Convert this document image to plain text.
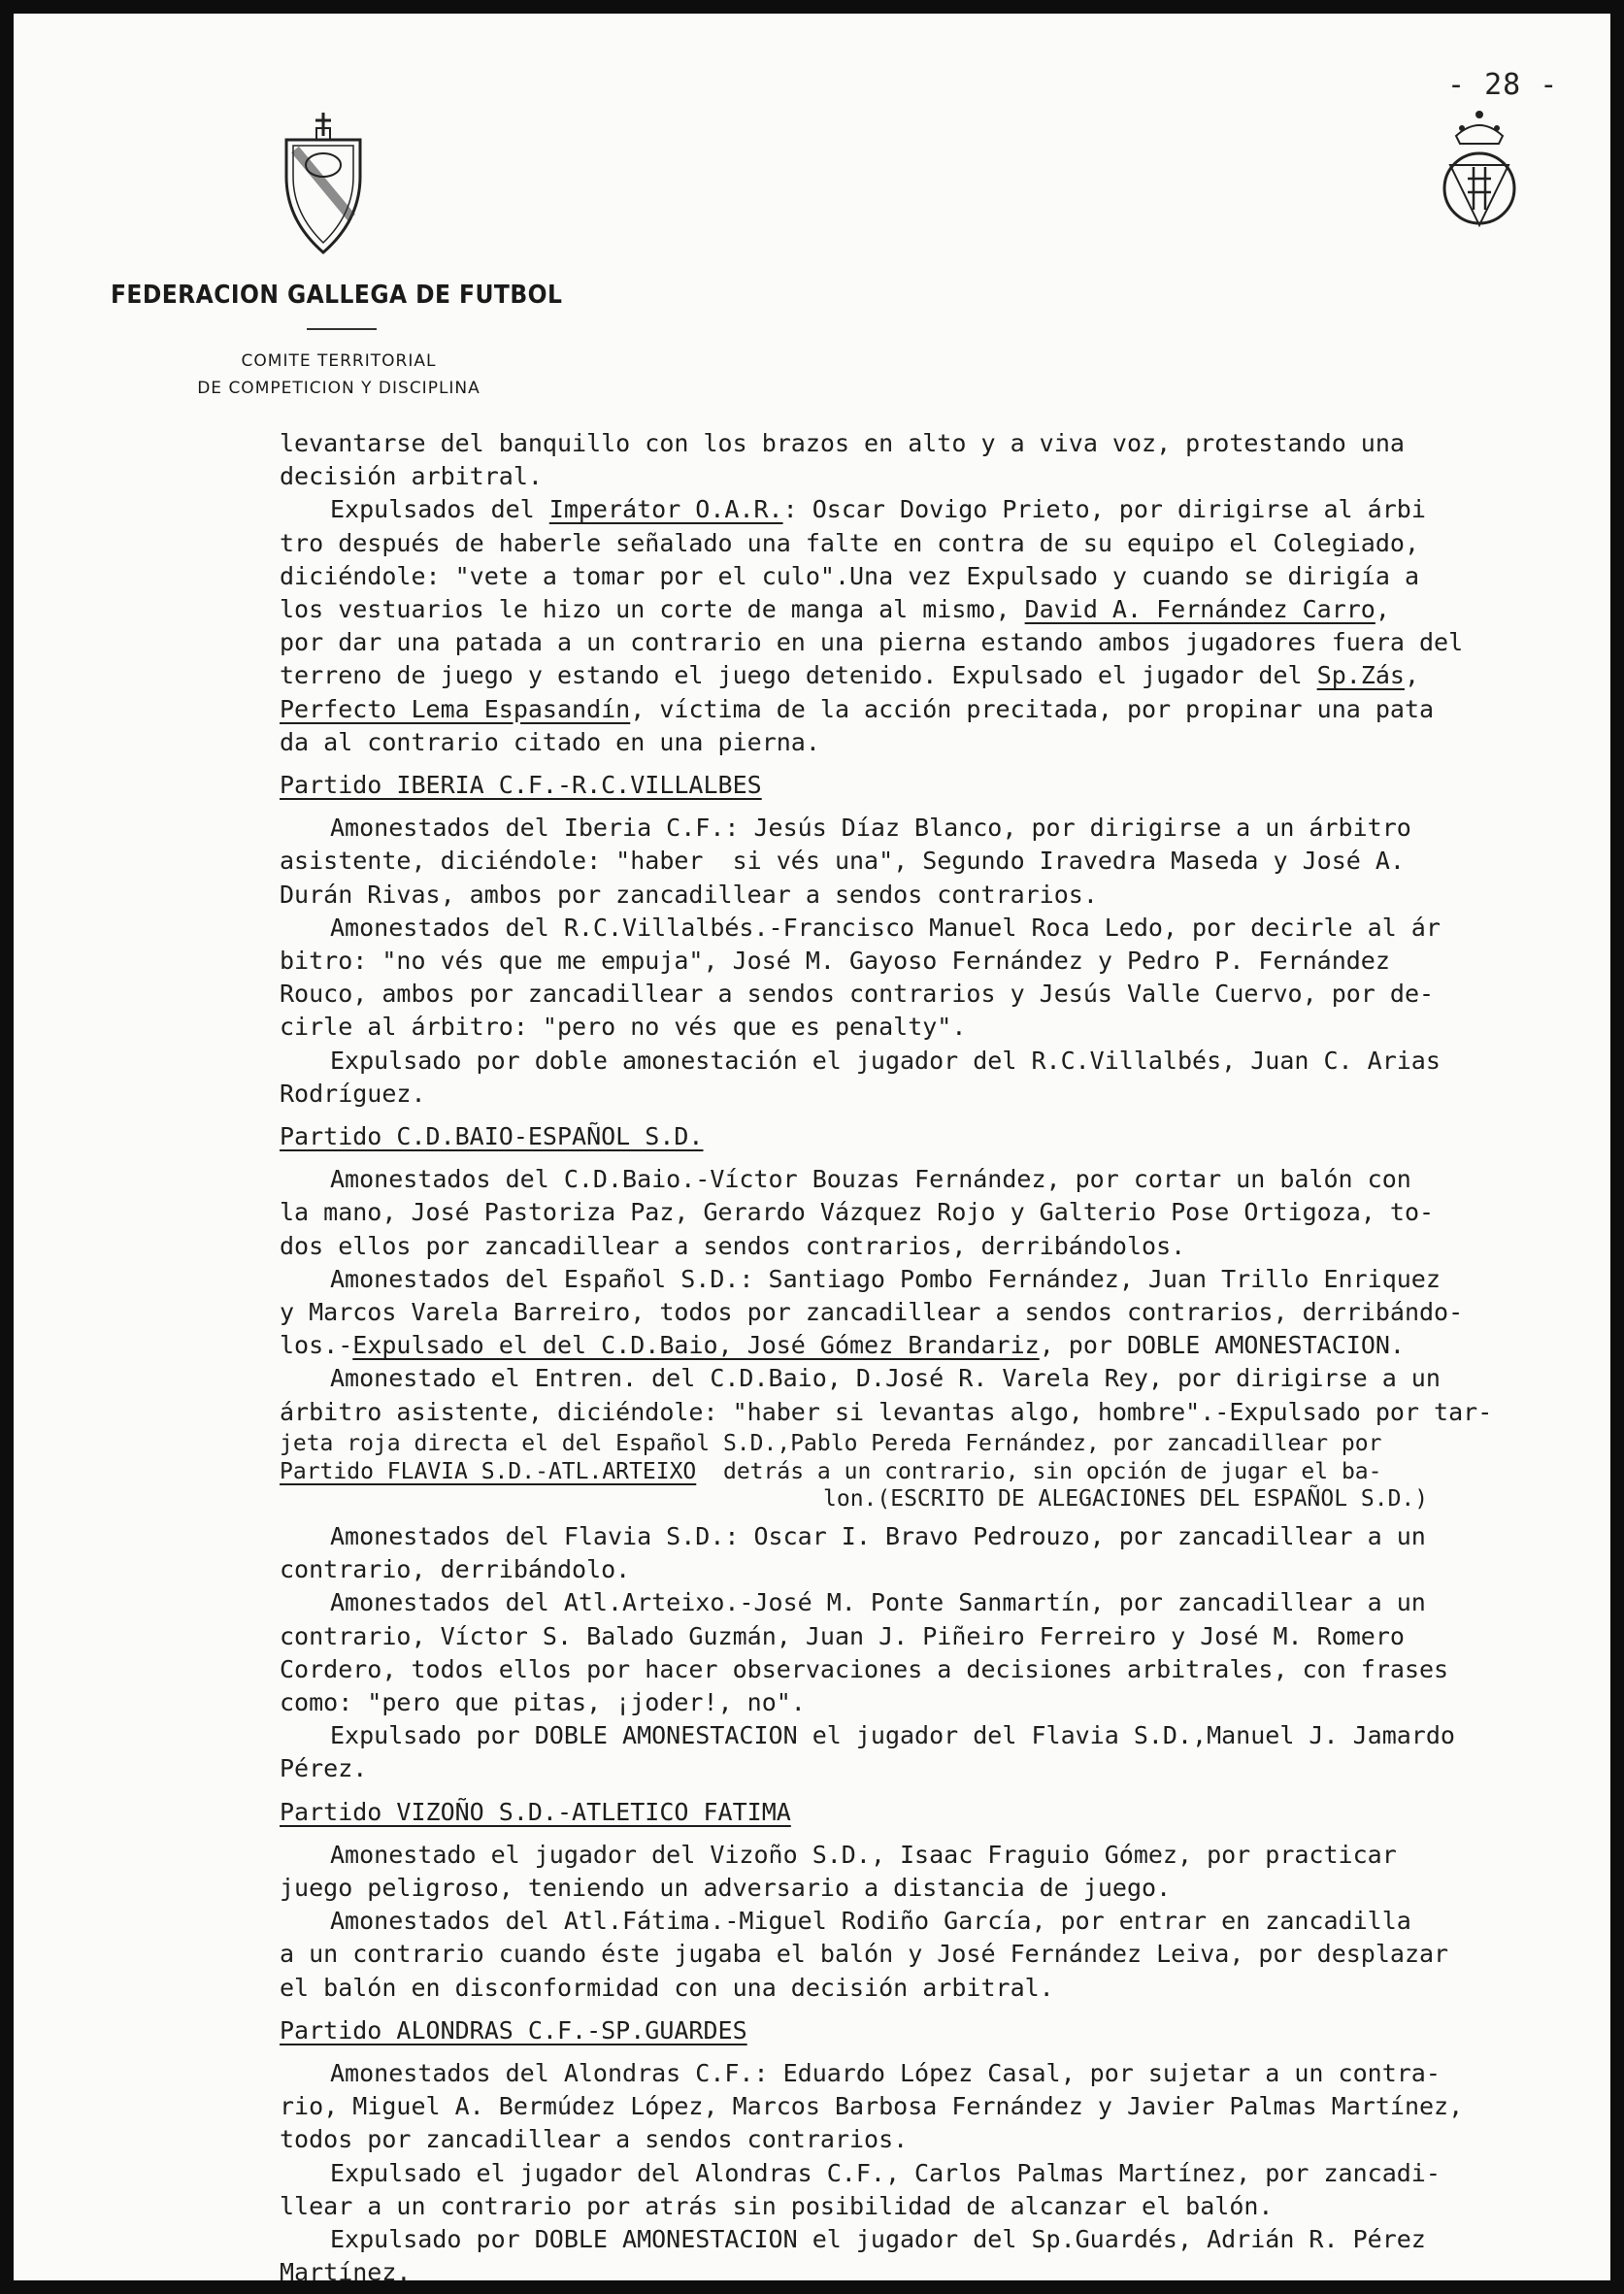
- 28 -
FEDERACION GALLEGA DE FUTBOL
COMITE TERRITORIAL
DE COMPETICION Y DISCIPLINA

levantarse del banquillo con los brazos en alto y a viva voz, protestando una

decisión arbitral.

Expulsados del Imperátor O.A.R.: Oscar Dovigo Prieto, por dirigirse al árbi

tro después de haberle señalado una falte en contra de su equipo el Colegiado,

diciéndole: "vete a tomar por el culo".Una vez Expulsado y cuando se dirigía a

los vestuarios le hizo un corte de manga al mismo, David A. Fernández Carro,

por dar una patada a un contrario en una pierna estando ambos jugadores fuera del

terreno de juego y estando el juego detenido. Expulsado el jugador del Sp.Zás,

Perfecto Lema Espasandín, víctima de la acción precitada, por propinar una pata

da al contrario citado en una pierna.

Partido IBERIA C.F.-R.C.VILLALBES

Amonestados del Iberia C.F.: Jesús Díaz Blanco, por dirigirse a un árbitro

asistente, diciéndole: "haber  si vés una", Segundo Iravedra Maseda y José A.

Durán Rivas, ambos por zancadillear a sendos contrarios.

Amonestados del R.C.Villalbés.-Francisco Manuel Roca Ledo, por decirle al ár

bitro: "no vés que me empuja", José M. Gayoso Fernández y Pedro P. Fernández

Rouco, ambos por zancadillear a sendos contrarios y Jesús Valle Cuervo, por de-

cirle al árbitro: "pero no vés que es penalty".

Expulsado por doble amonestación el jugador del R.C.Villalbés, Juan C. Arias

Rodríguez.

Partido C.D.BAIO-ESPAÑOL S.D.

Amonestados del C.D.Baio.-Víctor Bouzas Fernández, por cortar un balón con

la mano, José Pastoriza Paz, Gerardo Vázquez Rojo y Galterio Pose Ortigoza, to-

dos ellos por zancadillear a sendos contrarios, derribándolos.

Amonestados del Español S.D.: Santiago Pombo Fernández, Juan Trillo Enriquez

y Marcos Varela Barreiro, todos por zancadillear a sendos contrarios, derribándo-

los.-Expulsado el del C.D.Baio, José Gómez Brandariz, por DOBLE AMONESTACION.

Amonestado el Entren. del C.D.Baio, D.José R. Varela Rey, por dirigirse a un

árbitro asistente, diciéndole: "haber si levantas algo, hombre".-Expulsado por tar-

jeta roja directa el del Español S.D.,Pablo Pereda Fernández, por zancadillear por

Partido FLAVIA S.D.-ATL.ARTEIXO detrás a un contrario, sin opción de jugar el ba-

lon.(ESCRITO DE ALEGACIONES DEL ESPAÑOL S.D.)

Amonestados del Flavia S.D.: Oscar I. Bravo Pedrouzo, por zancadillear a un

contrario, derribándolo.

Amonestados del Atl.Arteixo.-José M. Ponte Sanmartín, por zancadillear a un

contrario, Víctor S. Balado Guzmán, Juan J. Piñeiro Ferreiro y José M. Romero

Cordero, todos ellos por hacer observaciones a decisiones arbitrales, con frases

como: "pero que pitas, ¡joder!, no".

Expulsado por DOBLE AMONESTACION el jugador del Flavia S.D.,Manuel J. Jamardo

Pérez.

Partido VIZOÑO S.D.-ATLETICO FATIMA

Amonestado el jugador del Vizoño S.D., Isaac Fraguio Gómez, por practicar

juego peligroso, teniendo un adversario a distancia de juego.

Amonestados del Atl.Fátima.-Miguel Rodiño García, por entrar en zancadilla

a un contrario cuando éste jugaba el balón y José Fernández Leiva, por desplazar

el balón en disconformidad con una decisión arbitral.

Partido ALONDRAS C.F.-SP.GUARDES

Amonestados del Alondras C.F.: Eduardo López Casal, por sujetar a un contra-

rio, Miguel A. Bermúdez López, Marcos Barbosa Fernández y Javier Palmas Martínez,

todos por zancadillear a sendos contrarios.

Expulsado el jugador del Alondras C.F., Carlos Palmas Martínez, por zancadi-

llear a un contrario por atrás sin posibilidad de alcanzar el balón.

Expulsado por DOBLE AMONESTACION el jugador del Sp.Guardés, Adrián R. Pérez

Martínez.
